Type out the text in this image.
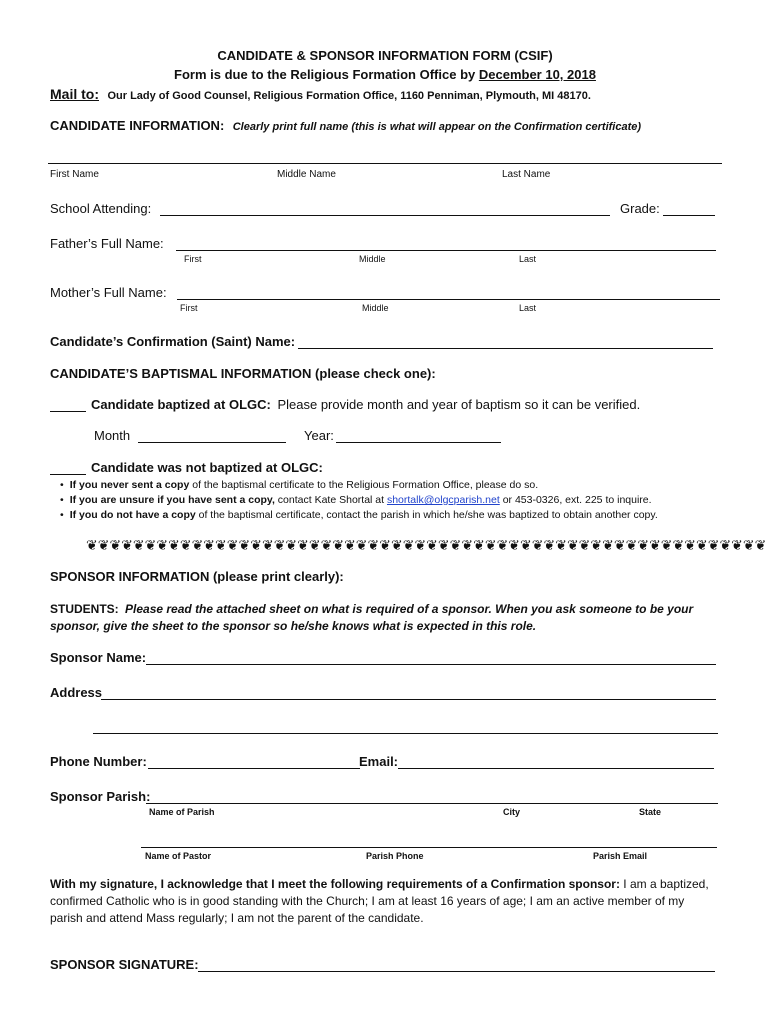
CANDIDATE & SPONSOR INFORMATION FORM (CSIF)
Form is due to the Religious Formation Office by December 10, 2018
Mail to: Our Lady of Good Counsel, Religious Formation Office, 1160 Penniman, Plymouth, MI 48170.
CANDIDATE INFORMATION: Clearly print full name (this is what will appear on the Confirmation certificate)
First Name	Middle Name	Last Name
School Attending:	Grade:
Father’s Full Name:
First	Middle	Last
Mother’s Full Name:
First	Middle	Last
Candidate’s Confirmation (Saint) Name:
CANDIDATE’S BAPTISMAL INFORMATION (please check one):
Candidate baptized at OLGC: Please provide month and year of baptism so it can be verified.
Month	Year:
Candidate was not baptized at OLGC:
• If you never sent a copy of the baptismal certificate to the Religious Formation Office, please do so.
• If you are unsure if you have sent a copy, contact Kate Shortal at shortalk@olgcparish.net or 453-0326, ext. 225 to inquire.
• If you do not have a copy of the baptismal certificate, contact the parish in which he/she was baptized to obtain another copy.
❦❦❦❦❦❦❦❦❦❦❦❦❦❦❦❦❦❦❦❦❦❦❦❦❦❦❦❦❦❦❦❦❦❦❦❦❦❦❦❦❦❦❦❦❦❦❦❦❦❦❦❦❦❦❦❦❦❦
SPONSOR INFORMATION (please print clearly):
STUDENTS: Please read the attached sheet on what is required of a sponsor. When you ask someone to be your sponsor, give the sheet to the sponsor so he/she knows what is expected in this role.
Sponsor Name:
Address
Phone Number:	Email:
Sponsor Parish:
Name of Parish	City	State
Name of Pastor	Parish Phone	Parish Email
With my signature, I acknowledge that I meet the following requirements of a Confirmation sponsor: I am a baptized, confirmed Catholic who is in good standing with the Church; I am at least 16 years of age; I am an active member of my parish and attend Mass regularly; I am not the parent of the candidate.
SPONSOR SIGNATURE:
